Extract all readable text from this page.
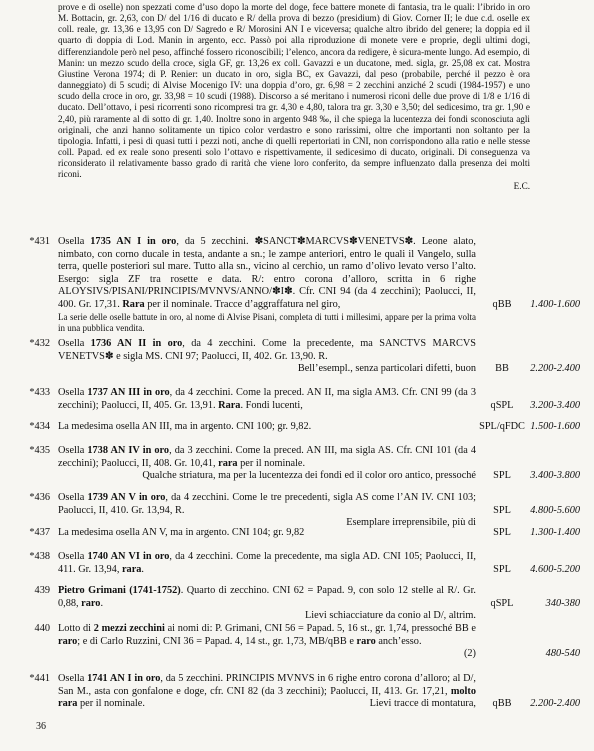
prove e di oselle) non spezzati come d’uso dopo la morte del doge, fece battere monete di fantasia, tra le quali: l’ibrido in oro M. Bottacin, gr. 2,63, con D/ del 1/16 di ducato e R/ della prova di bezzo (presidium) di Giov. Corner II; le due c.d. oselle ex coll. reale, gr. 13,36 e 13,95 con D/ Sagredo e R/ Morosini AN I e viceversa; qualche altro ibrido del genere; la doppia ed il quarto di doppia di Lod. Manin in argento, ecc. Passò poi alla riproduzione di monete vere e proprie, degli ultimi dogi, differenziandole però nel peso, affinché fossero riconoscibili; l’elenco, ancora da redigere, è sicura-mente lungo. Ad esempio, di Manin: un mezzo scudo della croce, sigla GF, gr. 13,26 ex coll. Gavazzi e un ducatone, med. sigla, gr. 25,08 ex cat. Mostra Giustine Verona 1974; di P. Renier: un ducato in oro, sigla BC, ex Gavazzi, dal peso (probabile, perché il pezzo è ora danneggiato) di 5 scudi; di Alvise Mocenigo IV: una doppia d’oro, gr. 6,98 = 2 zecchini anziché 2 scudi (1984-1957) e uno scudo della croce in oro, gr. 33,98 = 10 scudi (1988). Discorso a sé meritano i numerosi riconi delle due prove di 1/8 e 1/16 di ducato. Dell’ottavo, i pesi ricorrenti sono ricompresi tra gr. 4,30 e 4,80, talora tra gr. 3,30 e 3,50; del sedicesimo, tra gr. 1,90 e 2,40, più raramente al di sotto di gr. 1,40. Inoltre sono in argento 948 ‰, il che spiega la lucentezza dei fondi sconosciuta agli originali, che anzi hanno solitamente un tipico color verdastro e sono rarissimi, oltre che importanti non soltanto per la tipologia. Infatti, i pesi di quasi tutti i pezzi noti, anche di quelli repertoriati in CNI, non corrispondono alla ratio e nelle stesse coll. Papad. ed ex reale sono presenti solo l’ottavo e rispettivamente, il sedicesimo di ducato, originali. Di conseguenza va riconsiderato il relativamente basso grado di rarità che viene loro conferito, da sempre influenzato dalla presenza dei molti riconi.
E.C.
*431 Osella 1735 AN I in oro, da 5 zecchini. ✽SANCT✽MARCVS✽VENETVS✽. Leone alato, nimbato, con corno ducale in testa, andante a sn.; le zampe anteriori, entro le quali il Vangelo, sulla terra, quelle posteriori sul mare. Tutto alla sn., vicino al cerchio, un ramo d’olivo levato verso l’alto. Esergo: sigla ZF tra rosette e data. R/: entro corona d’alloro, scritta in 6 righe ALOYSIVS/PISANI/PRINCIPIS/MVNVS/ANNO/✽I✽. Cfr. CNI 94 (da 4 zecchini); Paolucci, II, 400. Gr. 17,31. Rara per il nominale. Tracce d’aggraffatura nel giro,
La serie delle oselle battute in oro, al nome di Alvise Pisani, completa di tutti i millesimi, appare per la prima volta in una pubblica vendita.
qBB	1.400-1.600
*432 Osella 1736 AN II in oro, da 4 zecchini. Come la precedente, ma SANCTVS MARCVS VENETVS✽ e sigla MS. CNI 97; Paolucci, II, 402. Gr. 13,90. R.
Bell’esempl., senza particolari difetti, buon	BB	2.200-2.400
*433 Osella 1737 AN III in oro, da 4 zecchini. Come la preced. AN II, ma sigla AM3. Cfr. CNI 99 (da 3 zecchini); Paolucci, II, 405. Gr. 13,91. Rara. Fondi lucenti,	qSPL	3.200-3.400
*434 La medesima osella AN III, ma in argento. CNI 100; gr. 9,82.	SPL/qFDC 1.500-1.600
*435 Osella 1738 AN IV in oro, da 3 zecchini. Come la preced. AN III, ma sigla AS. Cfr. CNI 101 (da 4 zecchini); Paolucci, II, 408. Gr. 10,41, rara per il nominale.
Qualche striatura, ma per la lucentezza dei fondi ed il color oro antico, pressoché	SPL	3.400-3.800
*436 Osella 1739 AN V in oro, da 4 zecchini. Come le tre precedenti, sigla AS come l’AN IV. CNI 103; Paolucci, II, 410. Gr. 13,94, R.
Esemplare irreprensibile, più di
SPL	4.800-5.600
*437 La medesima osella AN V, ma in argento. CNI 104; gr. 9,82	SPL	1.300-1.400
*438 Osella 1740 AN VI in oro, da 4 zecchini. Come la precedente, ma sigla AD. CNI 105; Paolucci, II, 411. Gr. 13,94, rara.	SPL	4.600-5.200
439 Pietro Grimani (1741-1752). Quarto di zecchino. CNI 62 = Papad. 9, con solo 12 stelle al R/. Gr. 0,88, raro.
Lievi schiacciature da conio al D/, altrim.
qSPL	340-380
440 Lotto di 2 mezzi zecchini ai nomi di: P. Grimani, CNI 56 = Papad. 5, 16 st., gr. 1,74, pressoché BB e raro; e di Carlo Ruzzini, CNI 36 = Papad. 4, 14 st., gr. 1,73, MB/qBB e raro anch’esso.
(2)	480-540
*441 Osella 1741 AN I in oro, da 5 zecchini. PRINCIPIS MVNVS in 6 righe entro corona d’alloro; al D/, San M., asta con gonfalone e doge, cfr. CNI 82 (da 3 zecchini); Paolucci, II, 413. Gr. 17,21, molto rara per il nominale.	Lievi tracce di montatura,	qBB	2.200-2.400
36
